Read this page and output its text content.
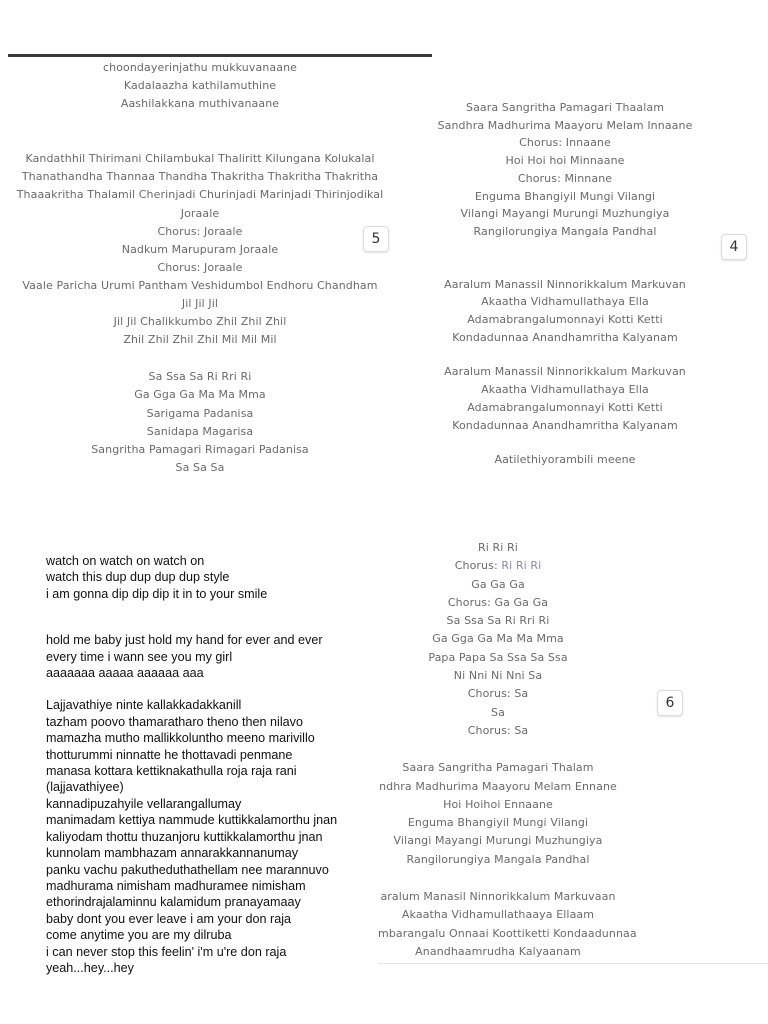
choondayerinjathu mukkuvanaane
Kadalaazha kathilamuthine
Aashilakkana muthivanaane
Kandathhil Thirimani Chilambukal Thaliritt Kilungana Kolukalal
Thanathandha Thannaa Thandha Thakritha Thakritha Thakritha
Thaaakritha Thalamil Cherinjadi Churinjadi Marinjadi Thirinjodikal
Joraale
Chorus: Joraale
Nadkum Marupuram Joraale
Chorus: Joraale
Vaale Paricha Urumi Pantham Veshidumbol Endhoru Chandham
Jil Jil Jil
Jil Jil Chalikkumbo Zhil Zhil Zhil
Zhil Zhil Zhil Zhil Mil Mil Mil
Sa Ssa Sa Ri Rri Ri
Ga Gga Ga Ma Ma Mma
Sarigama Padanisa
Sanidapa Magarisa
Sangritha Pamagari Rimagari Padanisa
Sa Sa Sa
5
Saara Sangritha Pamagari Thaalam
Sandhra Madhurima Maayoru Melam Innaane
Chorus: Innaane
Hoi Hoi hoi Minnaane
Chorus: Minnane
Enguma Bhangiyil Mungi Vilangi
Vilangi Mayangi Murungi Muzhungiya
Rangilorungiya Mangala Pandhal
Aaralum Manassil Ninnorikkalum Markuvan
Akaatha Vidhamullathaya Ella
Adamabrangalumonnayi Kotti Ketti
Kondadunnaa Anandhamritha Kalyanam
Aaralum Manassil Ninnorikkalum Markuvan
Akaatha Vidhamullathaya Ella
Adamabrangalumonnayi Kotti Ketti
Kondadunnaa Anandhamritha Kalyanam
Aatilethiyorambili meene
4
Ri Ri Ri
Chorus: Ri Ri Ri
Ga Ga Ga
Chorus: Ga Ga Ga
Sa Ssa Sa Ri Rri Ri
Ga Gga Ga Ma Ma Mma
Papa Papa Sa Ssa Sa Ssa
Ni Nni Ni Nni Sa
Chorus: Sa
Sa
Chorus: Sa
Saara Sangritha Pamagari Thalam
ndhra Madhurima Maayoru Melam Ennane
Hoi Hoihoi Ennaane
Enguma Bhangiyil Mungi Vilangi
Vilangi Mayangi Murungi Muzhungiya
Rangilorungiya Mangala Pandhal
aralum Manasil Ninnorikkalum Markuvaan
Akaatha Vidhamullathaaya Ellaam
mbarangalu Onnaai Koottiketti Kondaadunnaa
Anandhaamrudha Kalyaanam
6
watch on watch on watch on
watch this dup dup dup dup style
i am gonna dip dip dip it in to your smile
hold me baby just hold my hand for ever and ever
every time i wann see you my girl
aaaaaaa aaaaa aaaaaa aaa
Lajjavathiye ninte kallakkadakkanill
tazham poovo thamaratharo theno then nilavo
mamazha mutho mallikkoluntho meeno marivillo
thotturummi ninnatte he thottavadi penmane
manasa kottara kettiknakathulla roja raja rani
(lajjavathiyee)
kannadipuzahyile vellarangallumay
manimadam kettiya nammude kuttikkalamorthu jnan
kaliyodam thottu thuzanjoru kuttikkalamorthu jnan
kunnolam mambhazam annarakkannanumay
panku vachu pakutheduthathellam nee marannuvo
madhurama nimisham madhuramee nimisham
ethorindrajalaminnu kalamidum pranayamaay
baby dont you ever leave i am your don raja
come anytime you are my dilruba
i can never stop this feelin' i'm u're don raja
yeah...hey...hey
